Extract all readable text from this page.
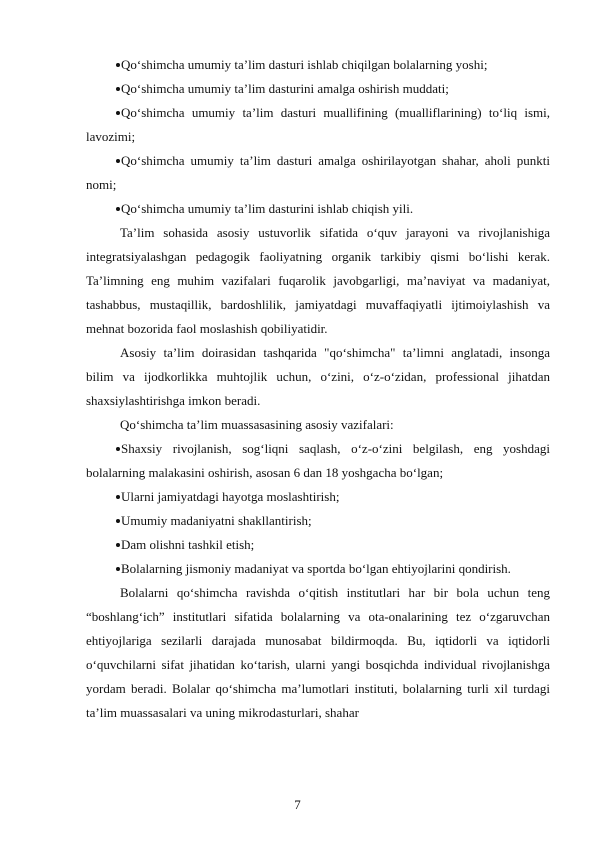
Qo‘shimcha umumiy ta’lim dasturi ishlab chiqilgan bolalarning yoshi;

Qo‘shimcha umumiy ta’lim dasturini amalga oshirish muddati;

Qo‘shimcha umumiy ta’lim dasturi muallifining (mualliflarining) to‘liq ismi, lavozimi;

Qo‘shimcha umumiy ta’lim dasturi amalga oshirilayotgan shahar, aholi punkti nomi;

Qo‘shimcha umumiy ta’lim dasturini ishlab chiqish yili.

Ta’lim sohasida asosiy ustuvorlik sifatida o‘quv jarayoni va rivojlanishiga integratsiyalashgan pedagogik faoliyatning organik tarkibiy qismi bo‘lishi kerak. Ta’limning eng muhim vazifalari fuqarolik javobgarligi, ma’naviyat va madaniyat, tashabbus, mustaqillik, bardoshlilik, jamiyatdagi muvaffaqiyatli ijtimoiylashish va mehnat bozorida faol moslashish qobiliyatidir.

Asosiy ta’lim doirasidan tashqarida "qo‘shimcha" ta’limni anglatadi, insonga bilim va ijodkorlikka muhtojlik uchun, o‘zini, o‘z-o‘zidan, professional jihatdan shaxsiylashtirishga imkon beradi.

Qo‘shimcha ta’lim muassasasining asosiy vazifalari:

Shaxsiy rivojlanish, sog‘liqni saqlash, o‘z-o‘zini belgilash, eng yoshdagi bolalarning malakasini oshirish, asosan 6 dan 18 yoshgacha bo‘lgan;

Ularni jamiyatdagi hayotga moslashtirish;

Umumiy madaniyatni shakllantirish;

Dam olishni tashkil etish;

Bolalarning jismoniy madaniyat va sportda bo‘lgan ehtiyojlarini qondirish.

Bolalarni qo‘shimcha ravishda o‘qitish institutlari har bir bola uchun teng “boshlang‘ich” institutlari sifatida bolalarning va ota-onalarining tez o‘zgaruvchan ehtiyojlariga sezilarli darajada munosabat bildirmoqda. Bu, iqtidorli va iqtidorli o‘quvchilarni sifat jihatidan ko‘tarish, ularni yangi bosqichda individual rivojlanishga yordam beradi. Bolalar qo‘shimcha ma’lumotlari instituti, bolalarning turli xil turdagi ta’lim muassasalari va uning mikrodasturlari, shahar

7
